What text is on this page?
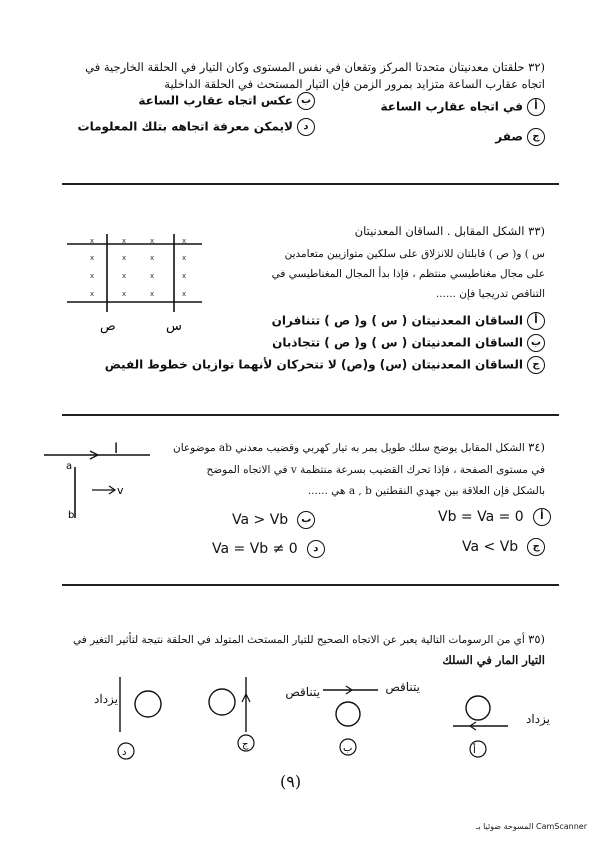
(٣٢ حلقتان معدنيتان متحدتا المركز وتقعان في نفس المستوى وكان التيار في الحلقة الخارجية في
اتجاه عقارب الساعة متزايد بمرور الزمن فإن التيار المستحث في الحلقة الداخلية
أفي اتجاه عقارب الساعة
بعكس اتجاه عقارب الساعة
جصفر
دلايمكن معرفة اتجاهه بتلك المعلومات
(٣٣ الشكل المقابل . الساقان المعدنيتان
س ) و( ص ) قابلتان للانزلاق على سلكين متوازيين متعامدين
على مجال مغناطيسي منتظم ، فإذا بدأ المجال المغناطيسي في
التناقص تدريجيا فإن ......
x	x	x	x
x	x	x	x
x	x	x	x
x	x	x	x
ص	س	أالساقان المعدنيتان ( س ) و( ص ) تتنافران
بالساقان المعدنيتان ( س ) و( ص ) تتجاذبان
جالساقان المعدنيتان (س) و(ص) لا تتحركان لأنهما توازيان خطوط الفيض
(٣٤ الشكل المقابل يوضح سلك طويل يمر به تيار كهربي وقضيب معدني ab موضوعان
في مستوى الصفحة ، فإذا تحرك القضيب بسرعة منتظمة v في الاتجاه الموضح
بالشكل فإن العلاقة بين جهدي النقطتين a , b هي ......
I
a
b
v
Vb = Va = 0 أ
Va > Vb ب
Va < Vb ج
Va = Vb ≠ 0 د
(٣٥ أي من الرسومات التالية يعبر عن الاتجاه الصحيح للتيار المستحث المتولد في الحلقة نتيجة لتأثير التغير في
التيار المار في السلك
د
يزداد
ج
يتناقص
ب
يتناقص
أ
يزداد
(٩)
CamScanner المسوحة ضوئيا بـ
